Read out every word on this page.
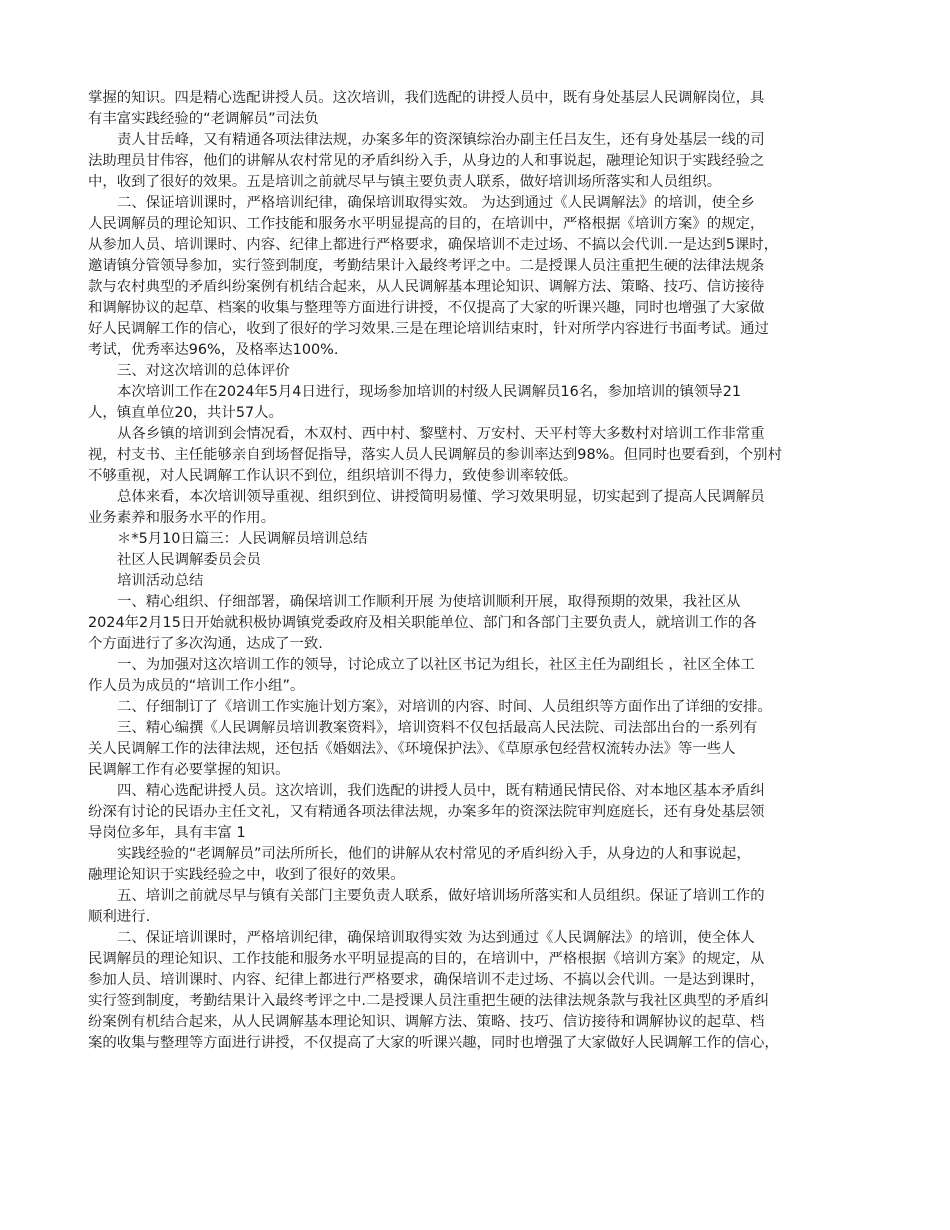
掌握的知识。四是精心选配讲授人员。这次培训，我们选配的讲授人员中，既有身处基层人民调解岗位，具

有丰富实践经验的“老调解员”司法负

责人甘岳峰，又有精通各项法律法规，办案多年的资深镇综治办副主任吕友生，还有身处基层一线的司

法助理员甘伟容，他们的讲解从农村常见的矛盾纠纷入手，从身边的人和事说起，融理论知识于实践经验之

中，收到了很好的效果。五是培训之前就尽早与镇主要负责人联系，做好培训场所落实和人员组织。

二、保证培训课时，严格培训纪律，确保培训取得实效。 为达到通过《人民调解法》的培训，使全乡

人民调解员的理论知识、工作技能和服务水平明显提高的目的，在培训中，严格根据《培训方案》的规定，

从参加人员、培训课时、内容、纪律上都进行严格要求，确保培训不走过场、不搞以会代训.一是达到5课时，

邀请镇分管领导参加，实行签到制度，考勤结果计入最终考评之中。二是授课人员注重把生硬的法律法规条

款与农村典型的矛盾纠纷案例有机结合起来，从人民调解基本理论知识、调解方法、策略、技巧、信访接待

和调解协议的起草、档案的收集与整理等方面进行讲授，不仅提高了大家的听课兴趣，同时也增强了大家做

好人民调解工作的信心，收到了很好的学习效果.三是在理论培训结束时，针对所学内容进行书面考试。通过

考试，优秀率达96%，及格率达100%.

三、对这次培训的总体评价

本次培训工作在2024年5月4日进行，现场参加培训的村级人民调解员16名，参加培训的镇领导21

人，镇直单位20，共计57人。

从各乡镇的培训到会情况看，木双村、西中村、黎壁村、万安村、天平村等大多数村对培训工作非常重

视，村支书、主任能够亲自到场督促指导，落实人员人民调解员的参训率达到98%。但同时也要看到，个别村

不够重视，对人民调解工作认识不到位，组织培训不得力，致使参训率较低。

总体来看，本次培训领导重视、组织到位、讲授简明易懂、学习效果明显，切实起到了提高人民调解员

业务素养和服务水平的作用。

＊*5月10日篇三：人民调解员培训总结

社区人民调解委员会员

培训活动总结

一、精心组织、仔细部署，确保培训工作顺利开展 为使培训顺利开展，取得预期的效果，我社区从

2024年2月15日开始就积极协调镇党委政府及相关职能单位、部门和各部门主要负责人，就培训工作的各

个方面进行了多次沟通，达成了一致.

一、为加强对这次培训工作的领导，讨论成立了以社区书记为组长，社区主任为副组长 ，社区全体工

作人员为成员的“培训工作小组”。

二、仔细制订了《培训工作实施计划方案》，对培训的内容、时间、人员组织等方面作出了详细的安排。

三、精心编撰《人民调解员培训教案资料》，培训资料不仅包括最高人民法院、司法部出台的一系列有

关人民调解工作的法律法规，还包括《婚姻法》、《环境保护法》、《草原承包经营权流转办法》等一些人

民调解工作有必要掌握的知识。

四、精心选配讲授人员。这次培训，我们选配的讲授人员中，既有精通民情民俗、对本地区基本矛盾纠

纷深有讨论的民语办主任文礼，又有精通各项法律法规，办案多年的资深法院审判庭庭长，还有身处基层领

导岗位多年，具有丰富 1

实践经验的“老调解员”司法所所长，他们的讲解从农村常见的矛盾纠纷入手，从身边的人和事说起，

融理论知识于实践经验之中，收到了很好的效果。

五、培训之前就尽早与镇有关部门主要负责人联系，做好培训场所落实和人员组织。保证了培训工作的

顺利进行.

二、保证培训课时，严格培训纪律，确保培训取得实效 为达到通过《人民调解法》的培训，使全体人

民调解员的理论知识、工作技能和服务水平明显提高的目的，在培训中，严格根据《培训方案》的规定，从

参加人员、培训课时、内容、纪律上都进行严格要求，确保培训不走过场、不搞以会代训。一是达到课时，

实行签到制度，考勤结果计入最终考评之中.二是授课人员注重把生硬的法律法规条款与我社区典型的矛盾纠

纷案例有机结合起来，从人民调解基本理论知识、调解方法、策略、技巧、信访接待和调解协议的起草、档

案的收集与整理等方面进行讲授，不仅提高了大家的听课兴趣，同时也增强了大家做好人民调解工作的信心，
